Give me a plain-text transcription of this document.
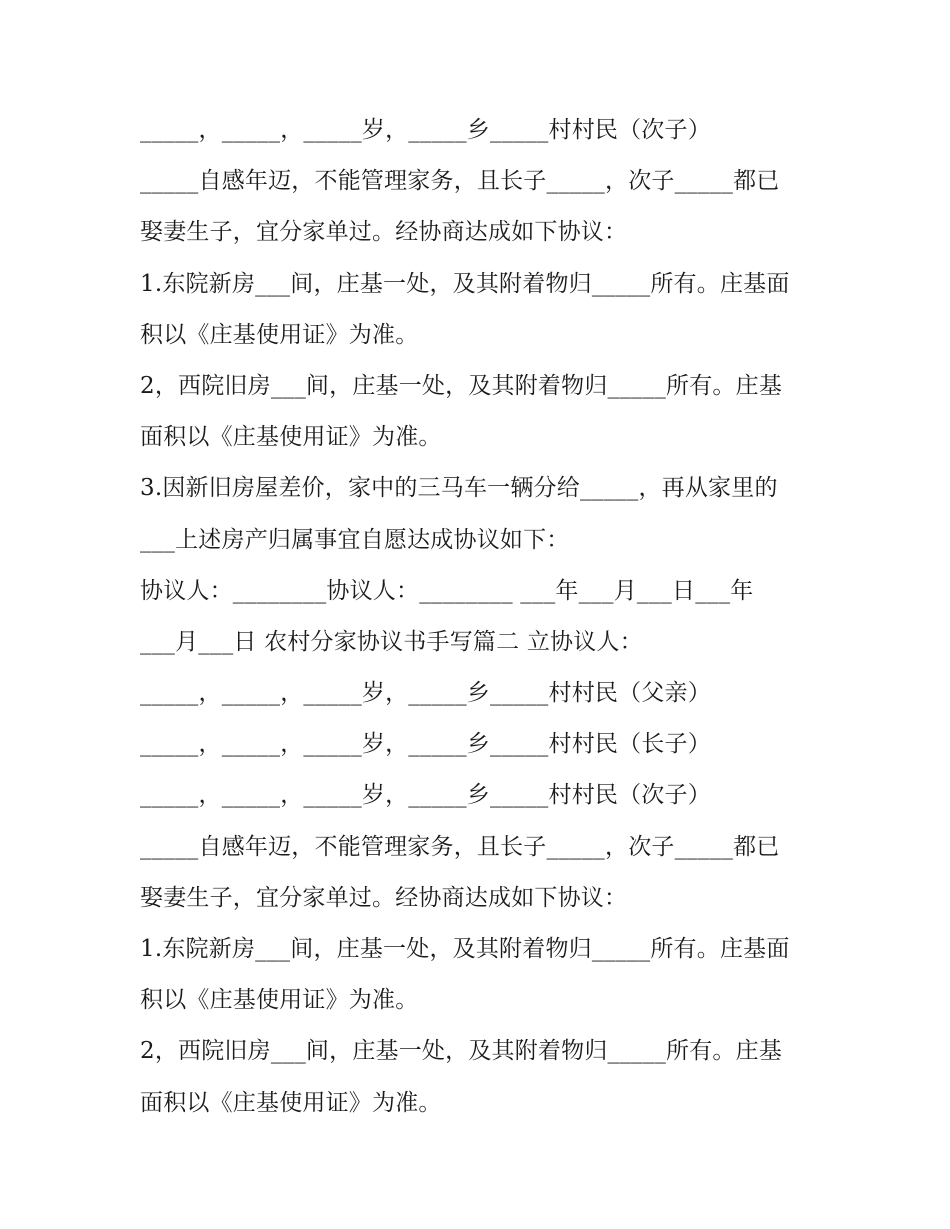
_____，_____，_____岁，_____乡_____村村民（次子）
_____自感年迈，不能管理家务，且长子_____，次子_____都已
娶妻生子，宜分家单过。经协商达成如下协议：
1.东院新房___间，庄基一处，及其附着物归_____所有。庄基面
积以《庄基使用证》为准。
2，西院旧房___间，庄基一处，及其附着物归_____所有。庄基
面积以《庄基使用证》为准。
3.因新旧房屋差价，家中的三马车一辆分给_____，再从家里的
___上述房产归属事宜自愿达成协议如下：
协议人：________协议人：________ ___年___月___日___年
___月___日 农村分家协议书手写篇二 立协议人：
_____，_____，_____岁，_____乡_____村村民（父亲）
_____，_____，_____岁，_____乡_____村村民（长子）
_____，_____，_____岁，_____乡_____村村民（次子）
_____自感年迈，不能管理家务，且长子_____，次子_____都已
娶妻生子，宜分家单过。经协商达成如下协议：
1.东院新房___间，庄基一处，及其附着物归_____所有。庄基面
积以《庄基使用证》为准。
2，西院旧房___间，庄基一处，及其附着物归_____所有。庄基
面积以《庄基使用证》为准。
